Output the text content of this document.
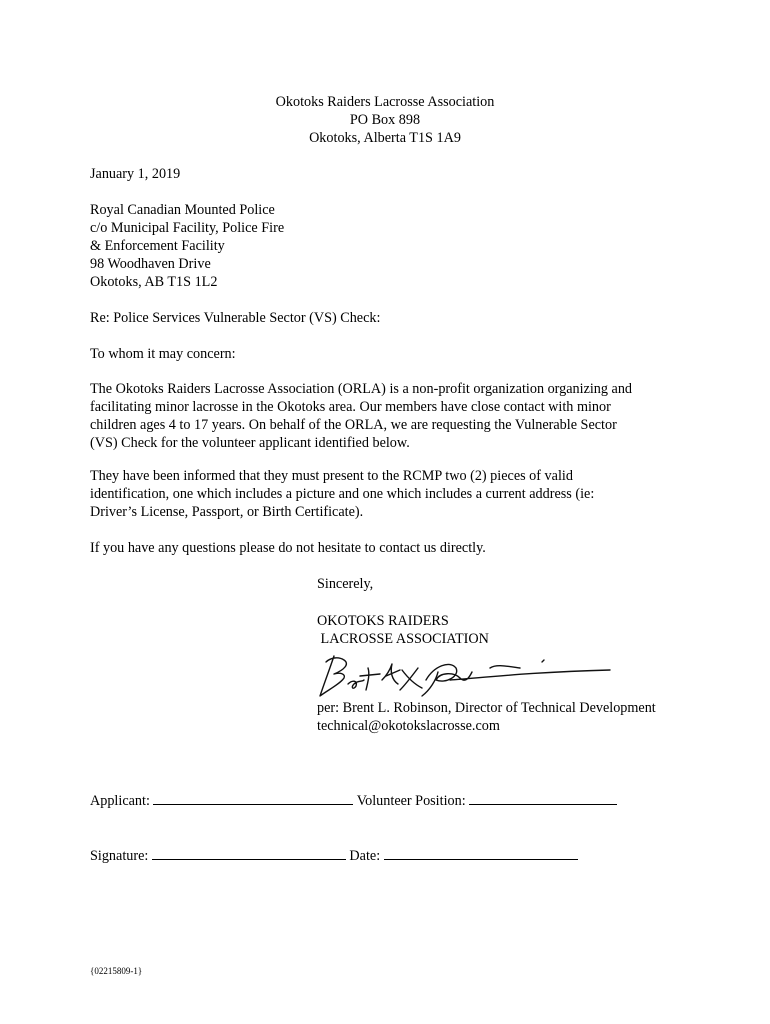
Okotoks Raiders Lacrosse Association
PO Box 898
Okotoks, Alberta T1S 1A9
January 1, 2019
Royal Canadian Mounted Police
c/o Municipal Facility, Police Fire
& Enforcement Facility
98 Woodhaven Drive
Okotoks, AB T1S 1L2
Re: Police Services Vulnerable Sector (VS) Check:
To whom it may concern:
The Okotoks Raiders Lacrosse Association (ORLA) is a non-profit organization organizing and
facilitating minor lacrosse in the Okotoks area. Our members have close contact with minor
children ages 4 to 17 years. On behalf of the ORLA, we are requesting the Vulnerable Sector
(VS) Check for the volunteer applicant identified below.
They have been informed that they must present to the RCMP two (2) pieces of valid
identification, one which includes a picture and one which includes a current address (ie:
Driver’s License, Passport, or Birth Certificate).
If you have any questions please do not hesitate to contact us directly.
Sincerely,
OKOTOKS RAIDERS
LACROSSE ASSOCIATION
per: Brent L. Robinson, Director of Technical Development
technical@okotokslacrosse.com
Applicant:	Volunteer Position:
Signature:	Date:
{02215809-1}
